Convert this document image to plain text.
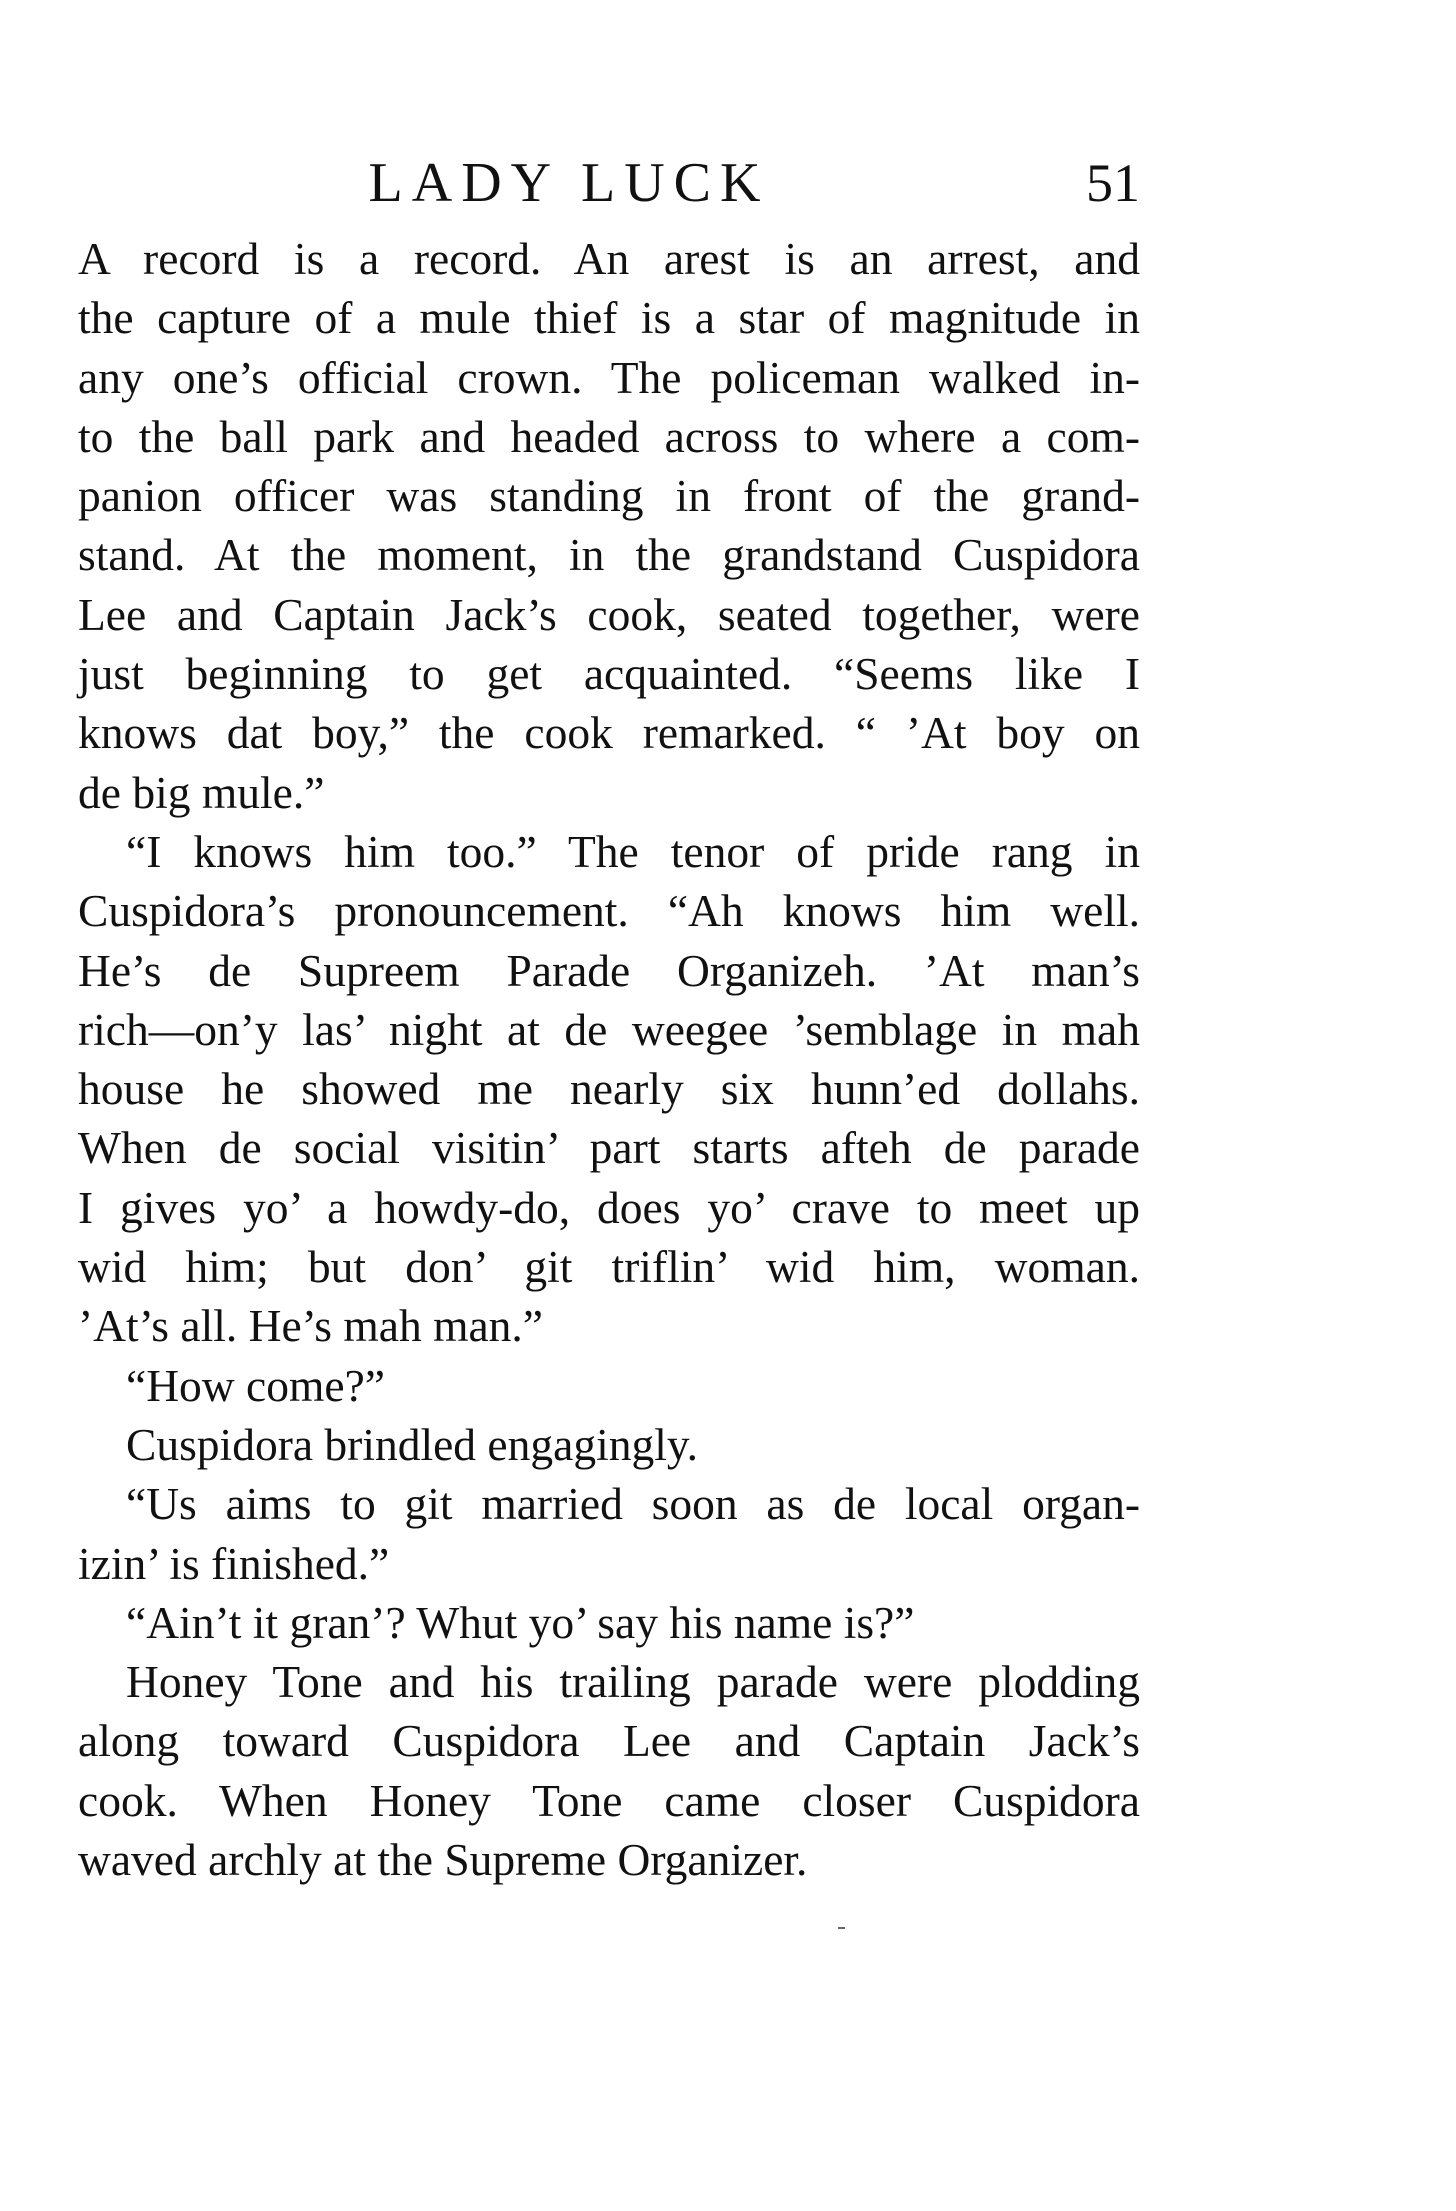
LADY LUCK	51
A record is a record. An arest is an arrest, and
the capture of a mule thief is a star of magnitude in
any one’s official crown. The policeman walked in-
to the ball park and headed across to where a com-
panion officer was standing in front of the grand-
stand. At the moment, in the grandstand Cuspidora
Lee and Captain Jack’s cook, seated together, were
just beginning to get acquainted. “Seems like I
knows dat boy,” the cook remarked. “ ’At boy on
de big mule.”
“I knows him too.” The tenor of pride rang in
Cuspidora’s pronouncement. “Ah knows him well.
He’s de Supreem Parade Organizeh. ’At man’s
rich—on’y las’ night at de weegee ’semblage in mah
house he showed me nearly six hunn’ed dollahs.
When de social visitin’ part starts afteh de parade
I gives yo’ a howdy-do, does yo’ crave to meet up
wid him; but don’ git triflin’ wid him, woman.
’At’s all. He’s mah man.”
“How come?”
Cuspidora brindled engagingly.
“Us aims to git married soon as de local organ-
izin’ is finished.”
“Ain’t it gran’? Whut yo’ say his name is?”
Honey Tone and his trailing parade were plodding
along toward Cuspidora Lee and Captain Jack’s
cook. When Honey Tone came closer Cuspidora
waved archly at the Supreme Organizer.
